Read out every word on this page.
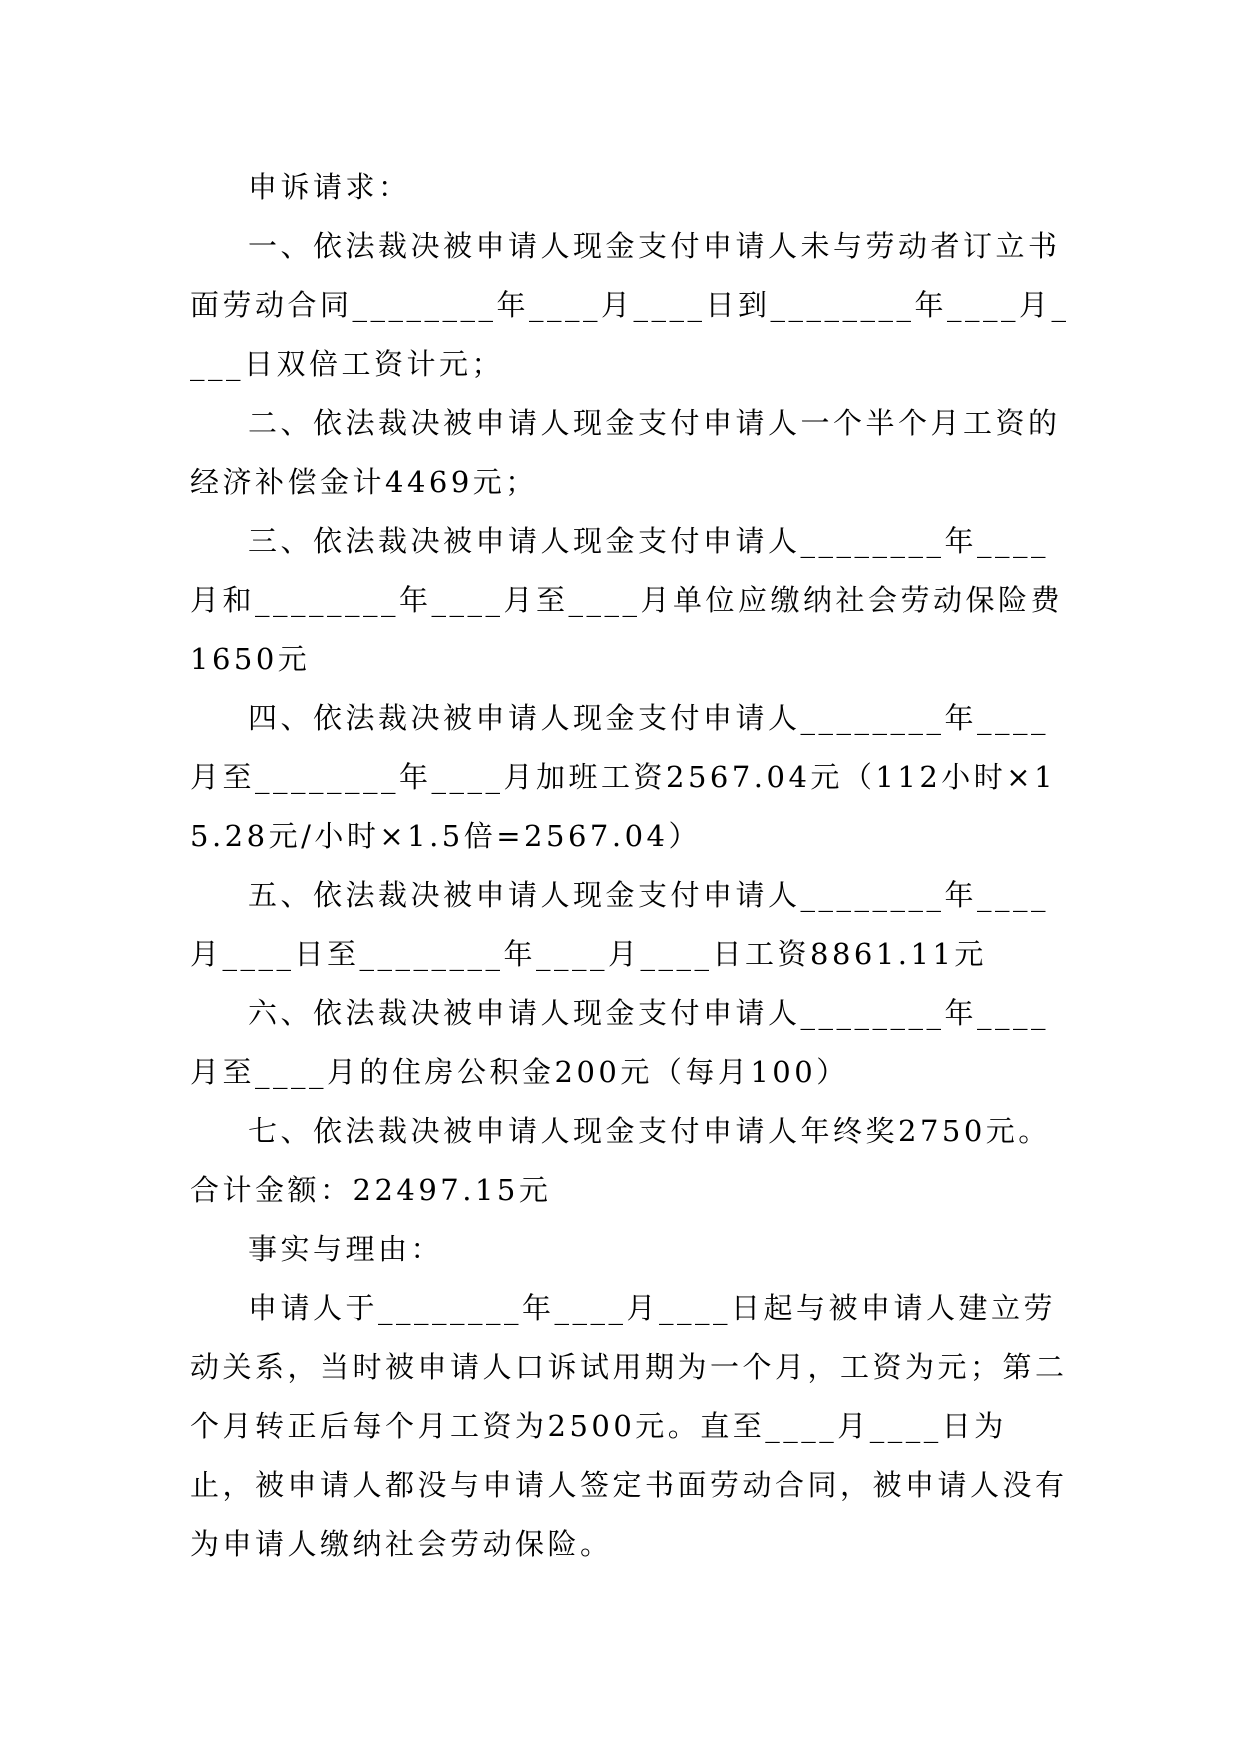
申诉请求：

一、依法裁决被申请人现金支付申请人未与劳动者订立书面劳动合同________年____月____日到________年____月____日双倍工资计元；

二、依法裁决被申请人现金支付申请人一个半个月工资的经济补偿金计4469元；

三、依法裁决被申请人现金支付申请人________年____月和________年____月至____月单位应缴纳社会劳动保险费1650元

四、依法裁决被申请人现金支付申请人________年____月至________年____月加班工资2567.04元（112小时×15.28元/小时×1.5倍=2567.04）

五、依法裁决被申请人现金支付申请人________年____月____日至________年____月____日工资8861.11元

六、依法裁决被申请人现金支付申请人________年____月至____月的住房公积金200元（每月100）

七、依法裁决被申请人现金支付申请人年终奖2750元。合计金额：22497.15元

事实与理由：

申请人于________年____月____日起与被申请人建立劳动关系，当时被申请人口诉试用期为一个月，工资为元；第二个月转正后每个月工资为2500元。直至____月____日为止，被申请人都没与申请人签定书面劳动合同，被申请人没有为申请人缴纳社会劳动保险。
